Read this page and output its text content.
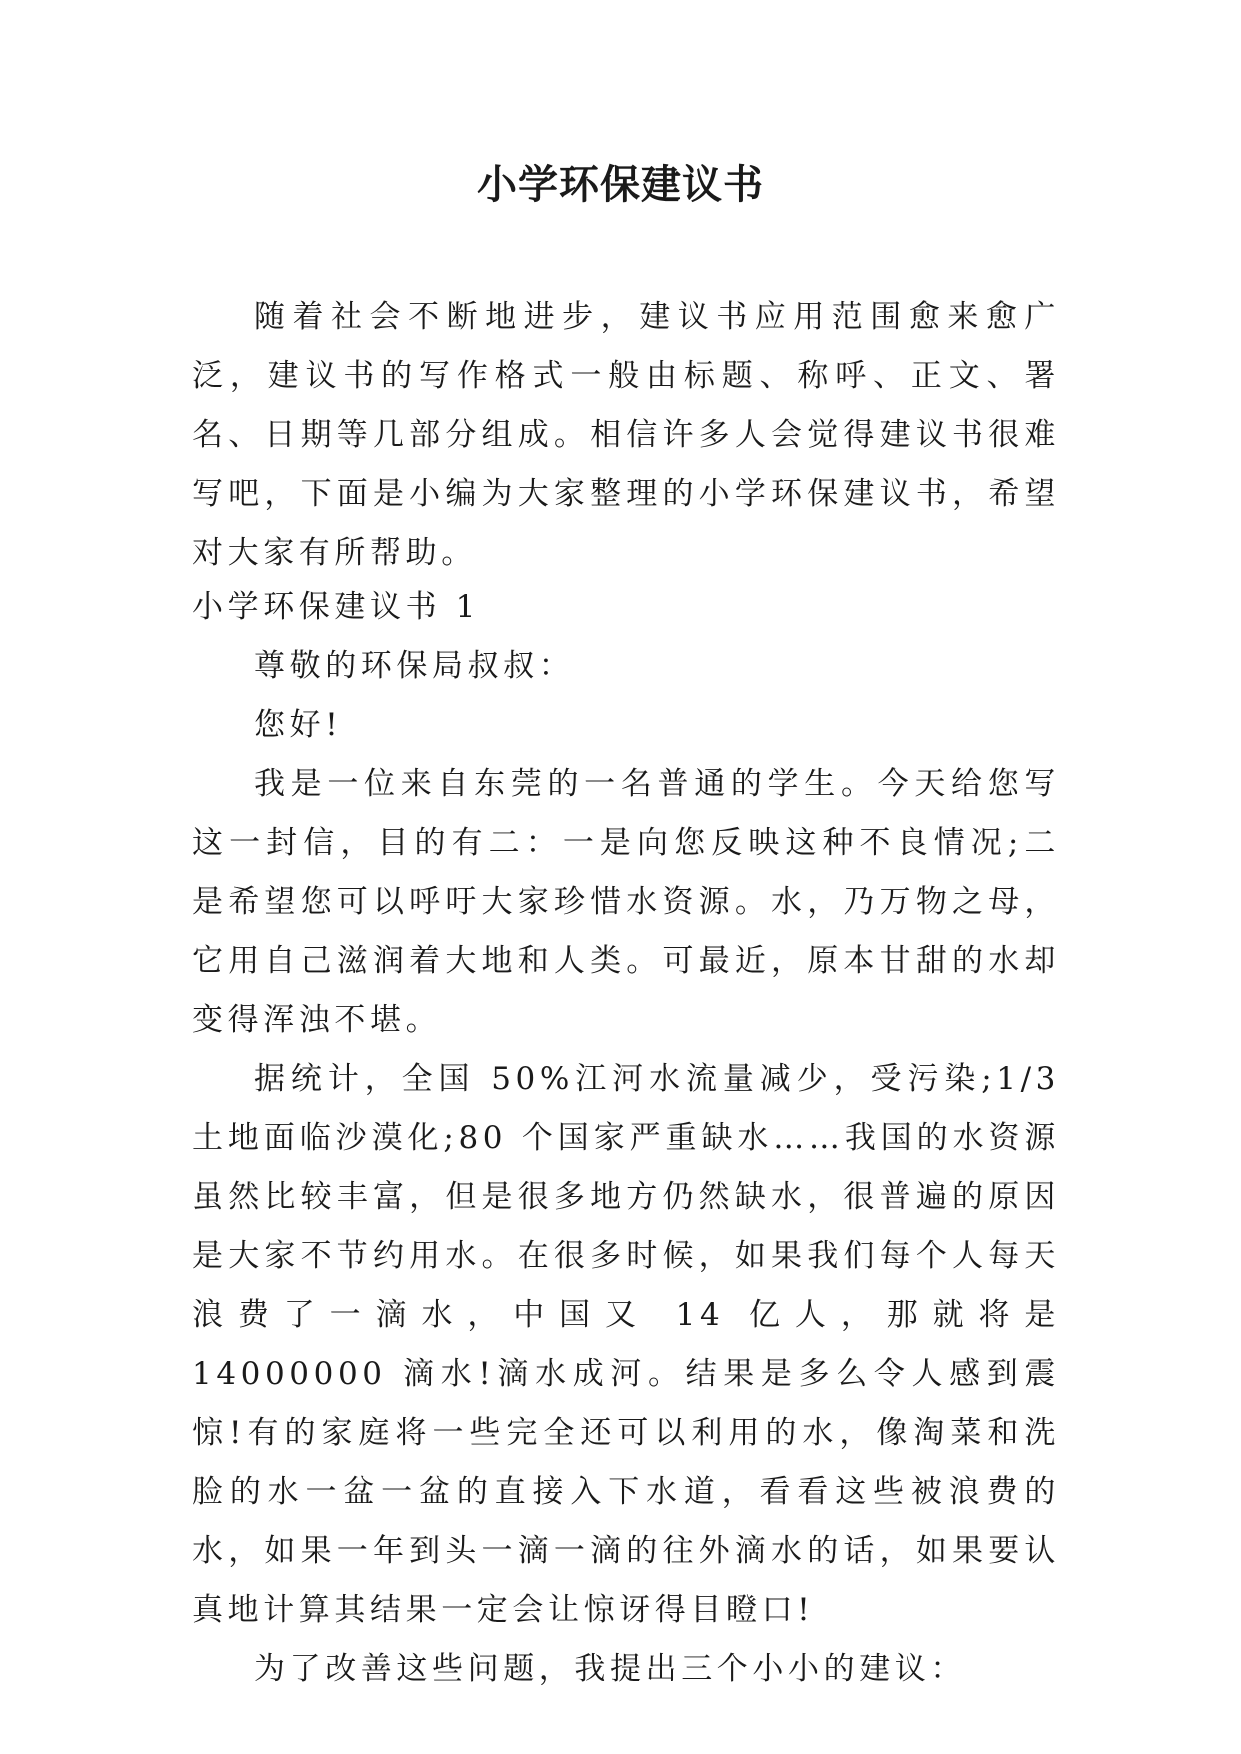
小学环保建议书

随着社会不断地进步，建议书应用范围愈来愈广泛，建议书的写作格式一般由标题、称呼、正文、署名、日期等几部分组成。相信许多人会觉得建议书很难写吧，下面是小编为大家整理的小学环保建议书，希望对大家有所帮助。

小学环保建议书 1

尊敬的环保局叔叔：

您好!

我是一位来自东莞的一名普通的学生。今天给您写这一封信，目的有二：一是向您反映这种不良情况;二是希望您可以呼吁大家珍惜水资源。水，乃万物之母，它用自己滋润着大地和人类。可最近，原本甘甜的水却变得浑浊不堪。

据统计，全国 50%江河水流量减少，受污染;1/3 土地面临沙漠化;80 个国家严重缺水……我国的水资源虽然比较丰富，但是很多地方仍然缺水，很普遍的原因是大家不节约用水。在很多时候，如果我们每个人每天浪费了一滴水，中国又 14 亿人，那就将是 14000000 滴水!滴水成河。结果是多么令人感到震惊!有的家庭将一些完全还可以利用的水，像淘菜和洗脸的水一盆一盆的直接入下水道，看看这些被浪费的水，如果一年到头一滴一滴的往外滴水的话，如果要认真地计算其结果一定会让惊讶得目瞪口!

为了改善这些问题，我提出三个小小的建议：
